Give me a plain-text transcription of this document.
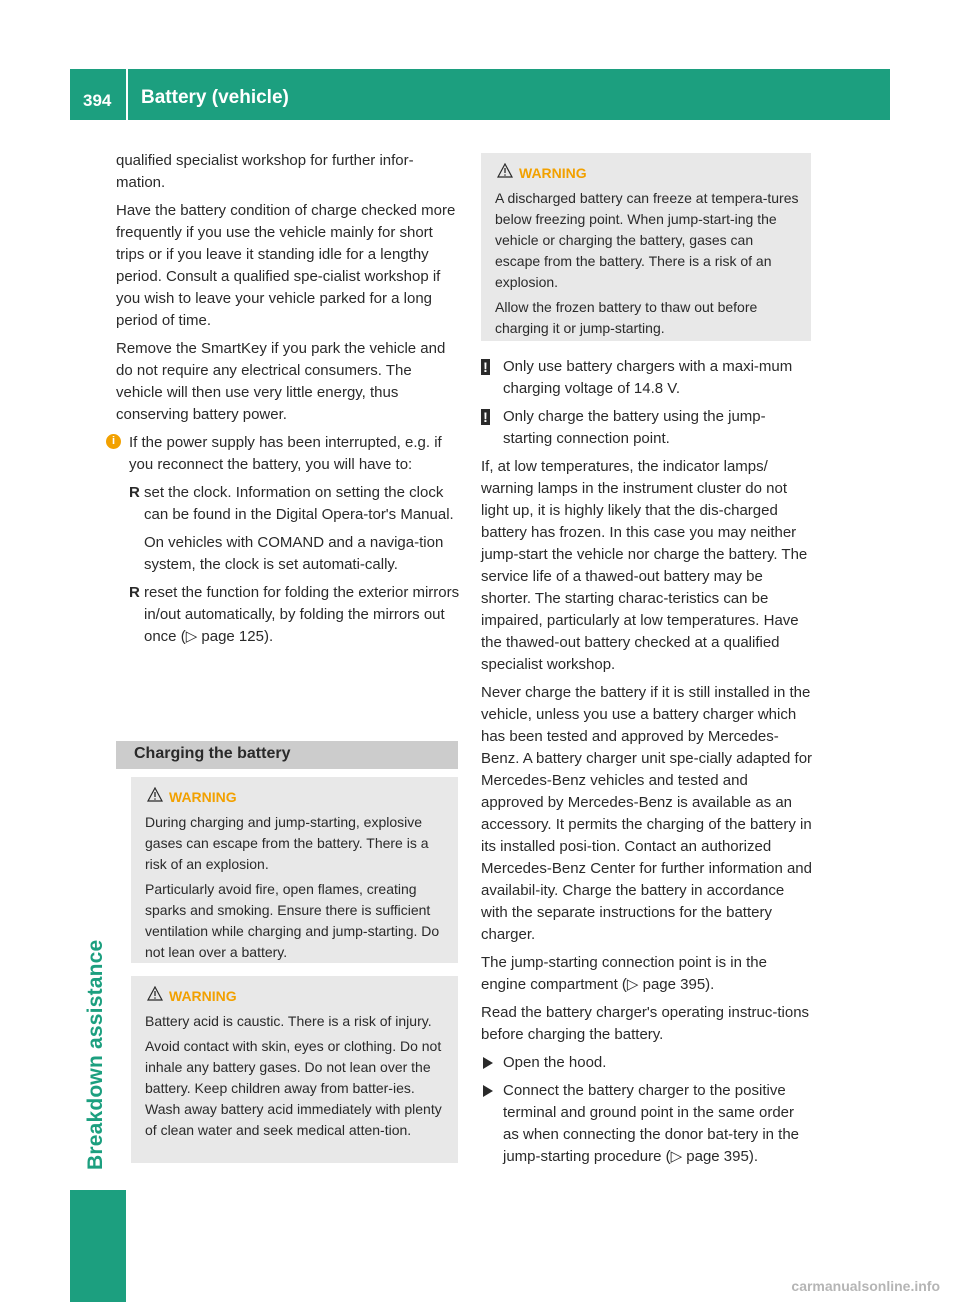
394 Battery (vehicle)
Breakdown assistance

qualified specialist workshop for further infor-mation.

Have the battery condition of charge checked more frequently if you use the vehicle mainly for short trips or if you leave it standing idle for a lengthy period. Consult a qualified spe-cialist workshop if you wish to leave your vehicle parked for a long period of time.

Remove the SmartKey if you park the vehicle and do not require any electrical consumers. The vehicle will then use very little energy, thus conserving battery power.

i If the power supply has been interrupted, e.g. if you reconnect the battery, you will have to:

R set the clock. Information on setting the clock can be found in the Digital Opera-tor's Manual.

On vehicles with COMAND and a naviga-tion system, the clock is set automati-cally.

R reset the function for folding the exterior mirrors in/out automatically, by folding the mirrors out once (▷ page 125).
Charging the battery
WARNING

During charging and jump-starting, explosive gases can escape from the battery. There is a risk of an explosion.

Particularly avoid fire, open flames, creating sparks and smoking. Ensure there is sufficient ventilation while charging and jump-starting. Do not lean over a battery.

WARNING

Battery acid is caustic. There is a risk of injury.

Avoid contact with skin, eyes or clothing. Do not inhale any battery gases. Do not lean over the battery. Keep children away from batter-ies. Wash away battery acid immediately with plenty of clean water and seek medical atten-tion.

WARNING

A discharged battery can freeze at tempera-tures below freezing point. When jump-start-ing the vehicle or charging the battery, gases can escape from the battery. There is a risk of an explosion.

Allow the frozen battery to thaw out before charging it or jump-starting.

! Only use battery chargers with a maxi-mum charging voltage of 14.8 V.
! Only charge the battery using the jump-starting connection point.

If, at low temperatures, the indicator lamps/ warning lamps in the instrument cluster do not light up, it is highly likely that the dis-charged battery has frozen. In this case you may neither jump-start the vehicle nor charge the battery. The service life of a thawed-out battery may be shorter. The starting charac-teristics can be impaired, particularly at low temperatures. Have the thawed-out battery checked at a qualified specialist workshop.

Never charge the battery if it is still installed in the vehicle, unless you use a battery charger which has been tested and approved by Mercedes-Benz. A battery charger unit spe-cially adapted for Mercedes-Benz vehicles and tested and approved by Mercedes-Benz is available as an accessory. It permits the charging of the battery in its installed posi-tion. Contact an authorized Mercedes-Benz Center for further information and availabil-ity. Charge the battery in accordance with the separate instructions for the battery charger.

The jump-starting connection point is in the engine compartment (▷ page 395).

Read the battery charger's operating instruc-tions before charging the battery.

Open the hood.
Connect the battery charger to the positive terminal and ground point in the same order as when connecting the donor bat-tery in the jump-starting procedure (▷ page 395).
carmanualsonline.info
